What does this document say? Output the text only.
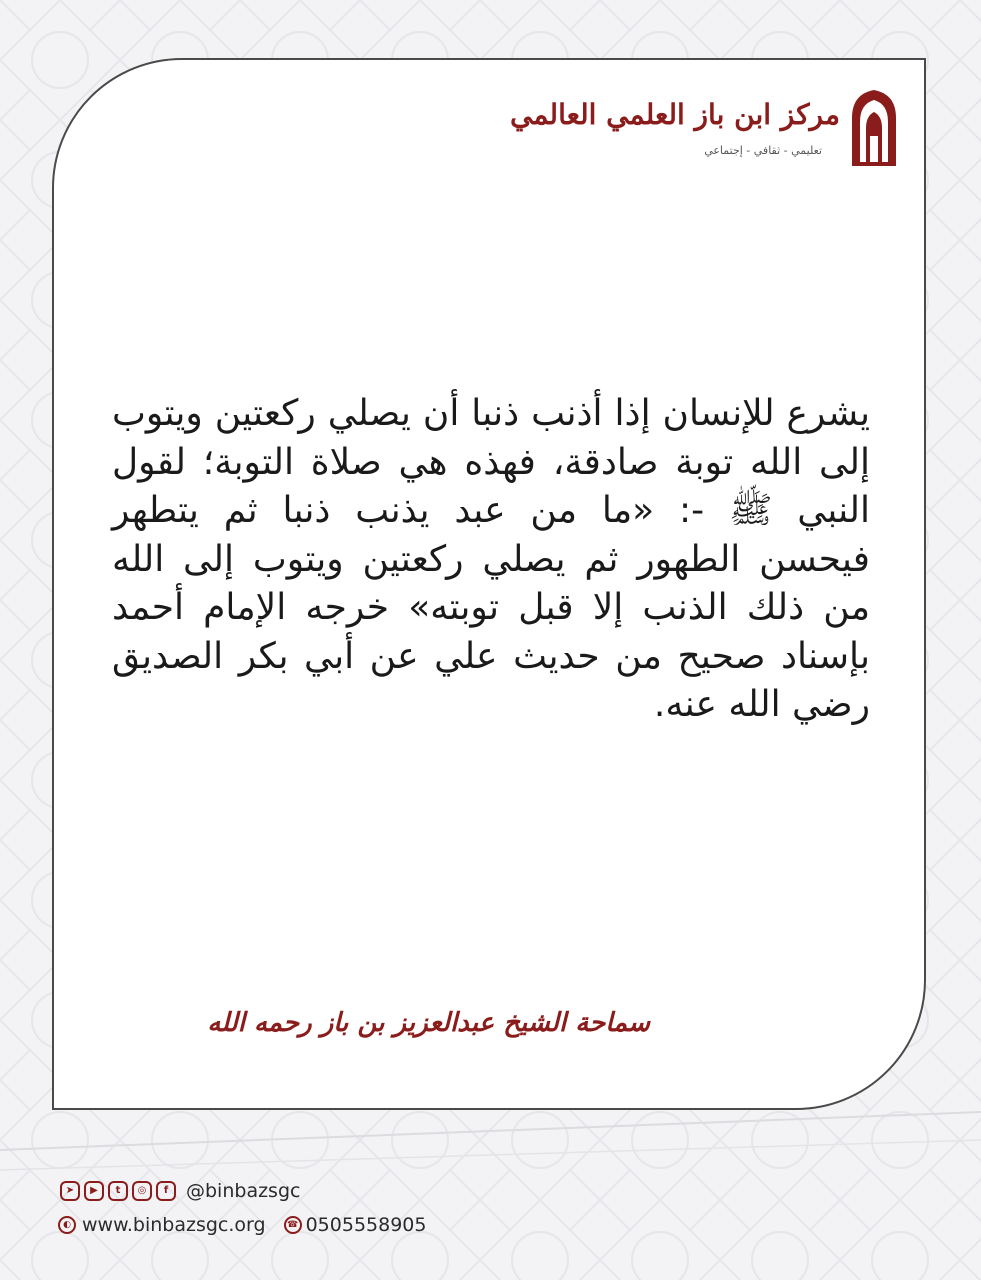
مركز ابن باز العلمي العالمي
تعليمي - ثقافي - إجتماعي
يشرع للإنسان إذا أذنب ذنبا أن يصلي ركعتين ويتوب إلى الله توبة صادقة، فهذه هي صلاة التوبة؛ لقول النبي ﷺ -: «ما من عبد يذنب ذنبا ثم يتطهر فيحسن الطهور ثم يصلي ركعتين ويتوب إلى الله من ذلك الذنب إلا قبل توبته» خرجه الإمام أحمد بإسناد صحيح من حديث علي عن أبي بكر الصديق رضي الله عنه.
سماحة الشيخ عبدالعزيز بن باز رحمه الله
➤	▶	t	◎	f @binbazsgc
◐ www.binbazsgc.org	☎ 0505558905
